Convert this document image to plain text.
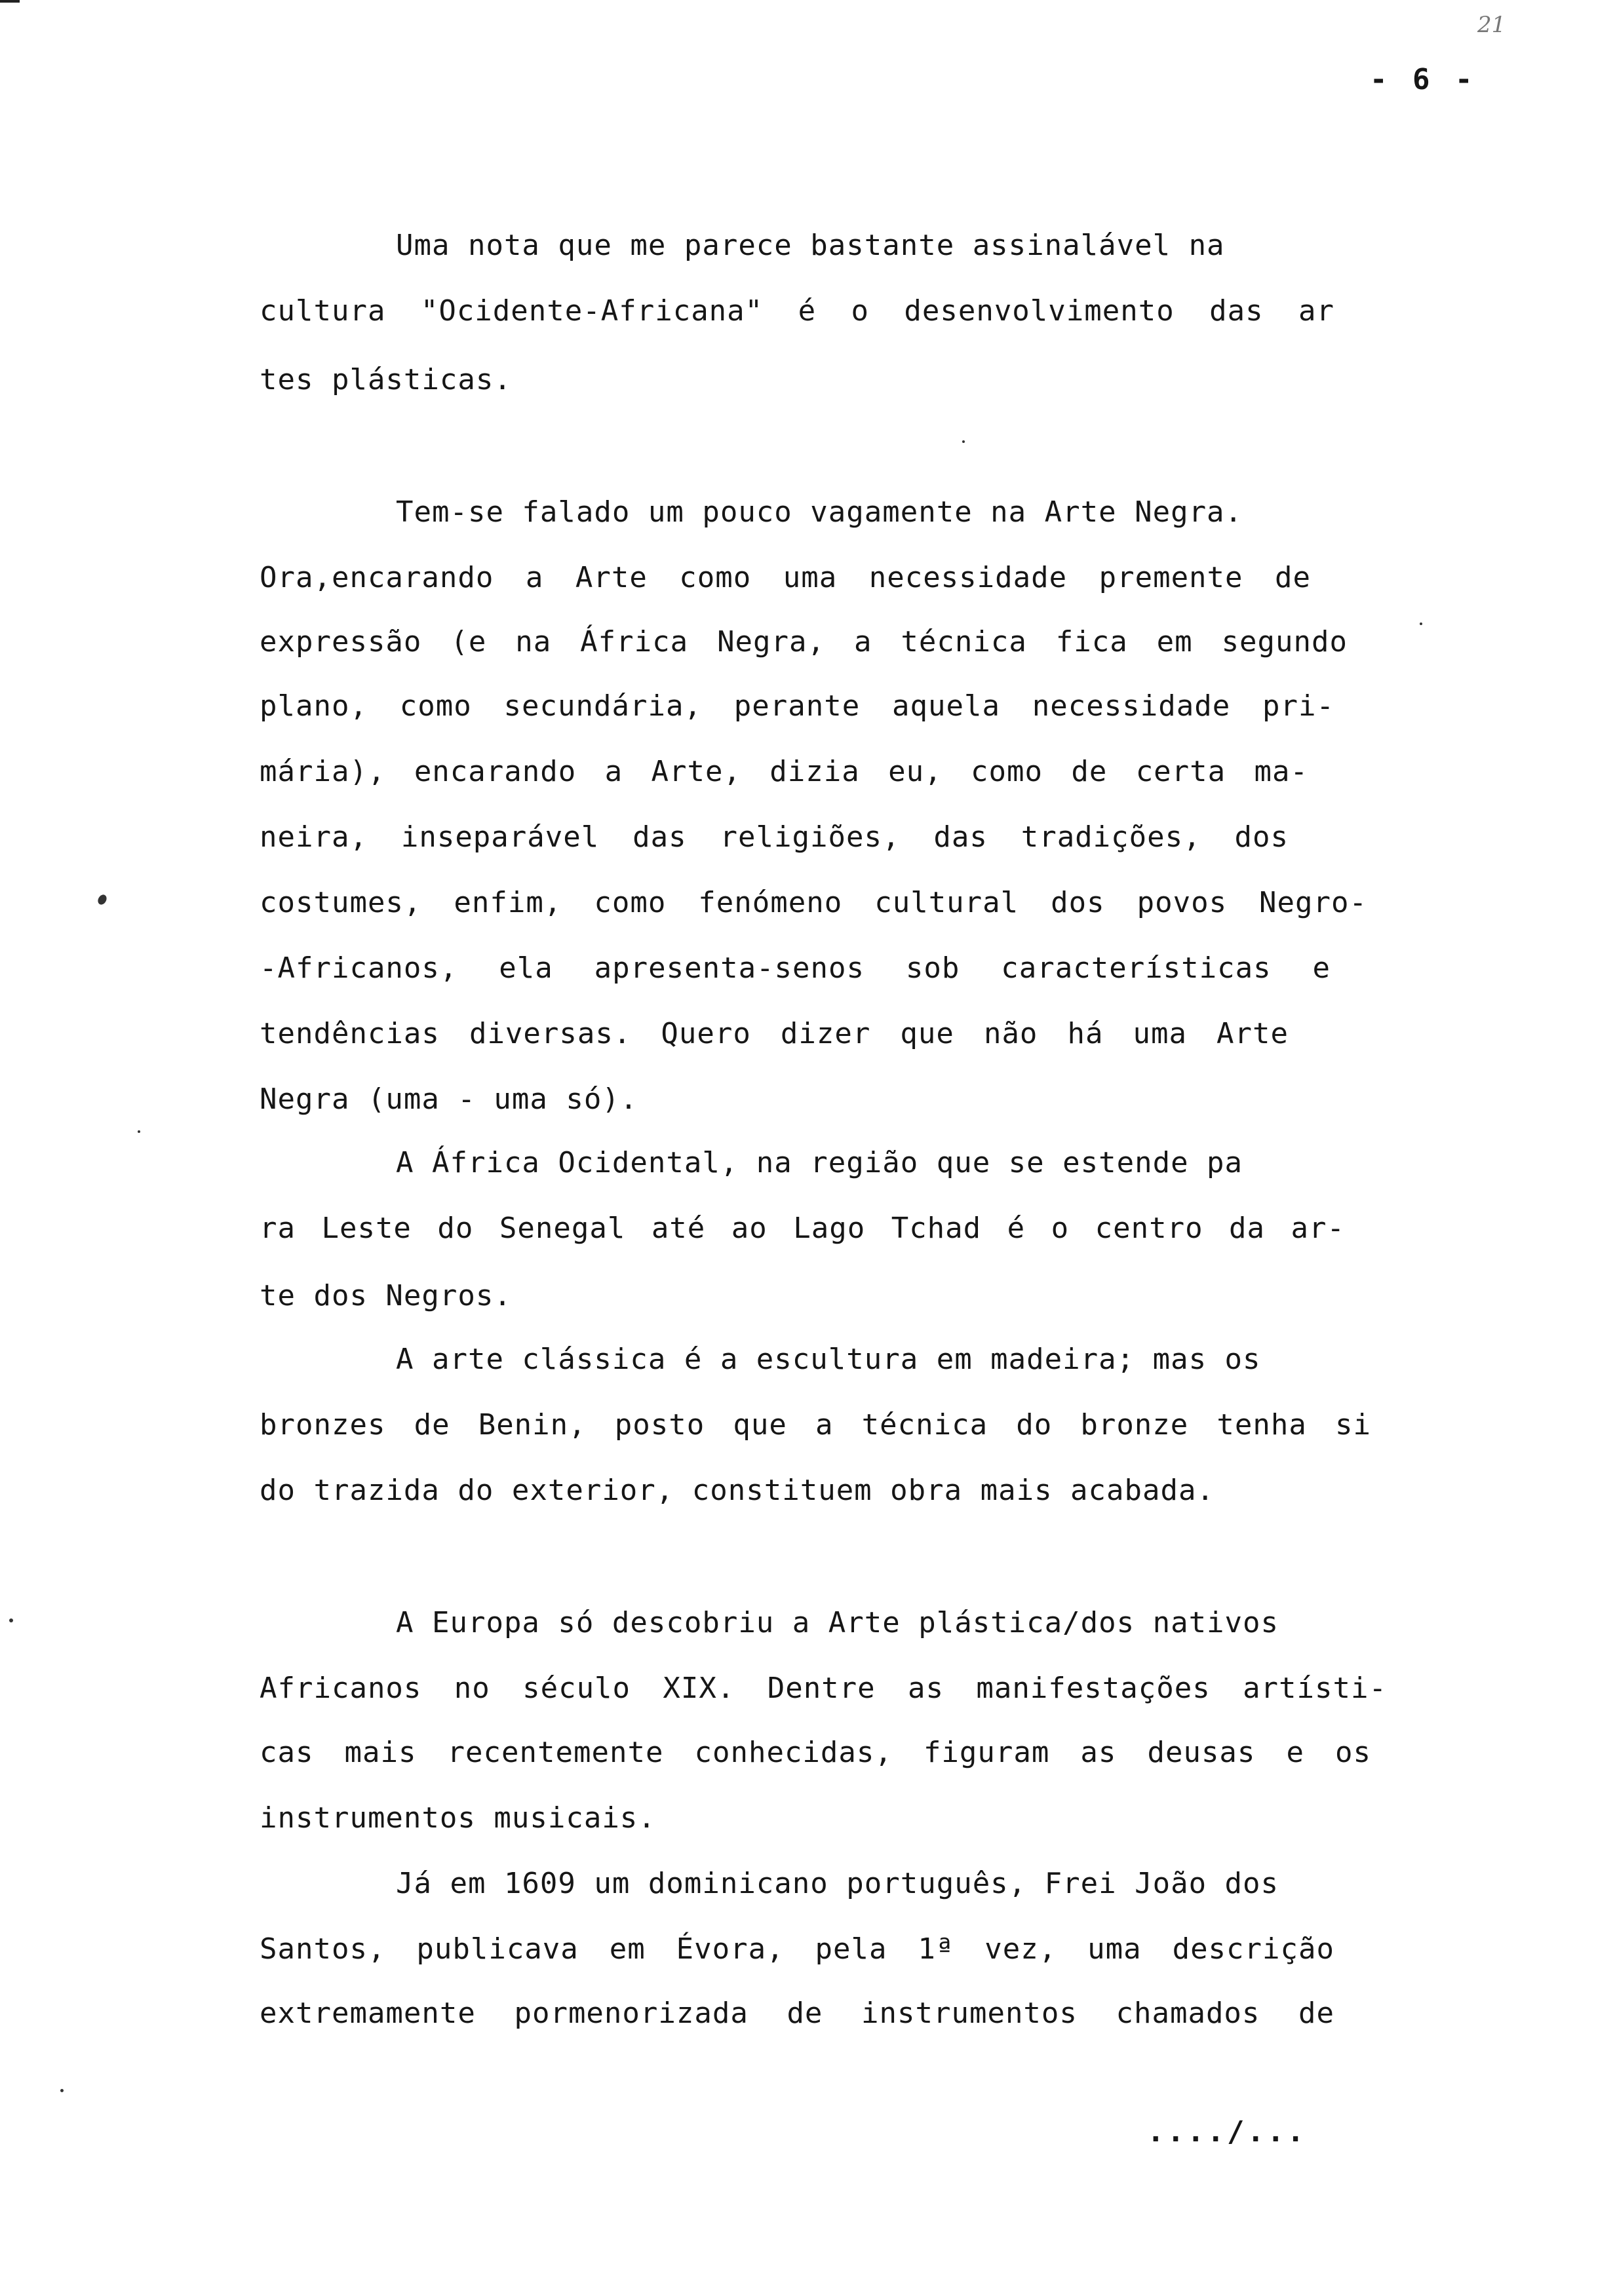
21
- 6 -
Uma nota que me parece bastante assinalável na
cultura "Ocidente-Africana" é o desenvolvimento das ar
tes plásticas.
Tem-se falado um pouco vagamente na Arte Negra.
Ora,encarando a Arte como uma necessidade premente de
expressão (e na África Negra, a técnica fica em segundo
plano, como secundária, perante aquela necessidade pri-
mária), encarando a Arte, dizia eu, como de certa ma-
neira, inseparável das religiões, das tradições, dos
costumes, enfim, como fenómeno cultural dos povos Negro-
-Africanos, ela apresenta-senos sob características e
tendências diversas. Quero dizer que não há uma Arte
Negra (uma - uma só).
A África Ocidental, na região que se estende pa
ra Leste do Senegal até ao Lago Tchad é o centro da ar-
te dos Negros.
A arte clássica é a escultura em madeira; mas os
bronzes de Benin, posto que a técnica do bronze tenha si
do trazida do exterior, constituem obra mais acabada.
A Europa só descobriu a Arte plástica/dos nativos
Africanos no século XIX. Dentre as manifestações artísti-
cas mais recentemente conhecidas, figuram as deusas e os
instrumentos musicais.
Já em 1609 um dominicano português, Frei João dos
Santos, publicava em Évora, pela 1ª vez, uma descrição
extremamente pormenorizada de instrumentos chamados de
..../...
